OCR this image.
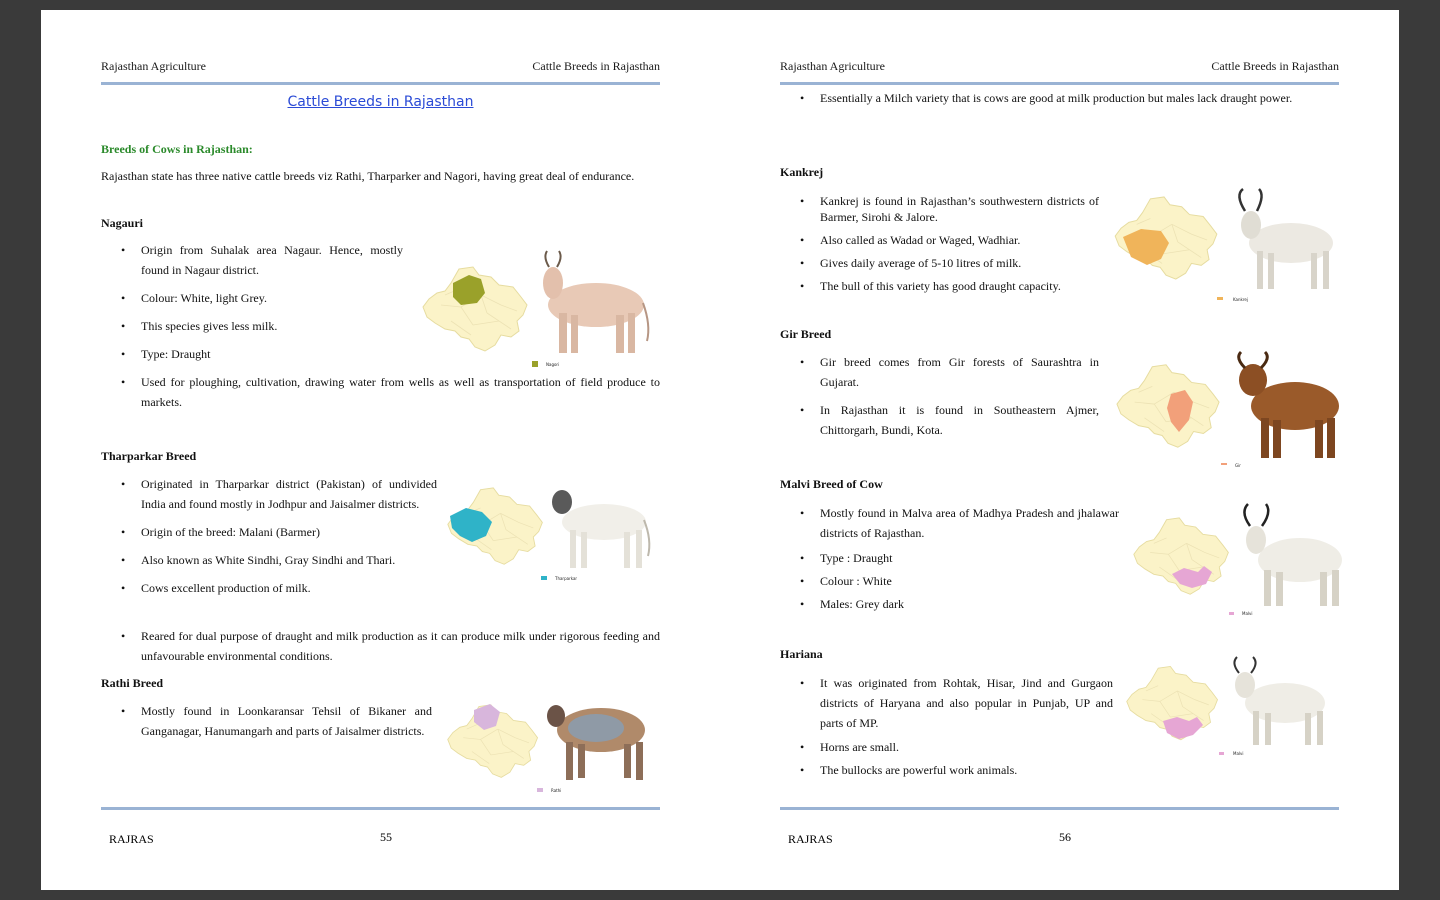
Rajasthan Agriculture	Cattle Breeds in Rajasthan
Cattle Breeds in Rajasthan
Breeds of Cows in Rajasthan:
Rajasthan state has three native cattle breeds viz Rathi, Tharparker and Nagori, having great deal of endurance.
Nagauri
• Origin from Suhalak area Nagaur. Hence, mostly found in Nagaur district.
• Colour: White, light Grey.
• This species gives less milk.
• Type: Draught
• Used for ploughing, cultivation, drawing water from wells as well as transportation of field produce to markets.
Nagori
Tharparkar Breed
• Originated in Tharparkar district (Pakistan) of undivided India and found mostly in Jodhpur and Jaisalmer districts.
• Origin of the breed: Malani (Barmer)
• Also known as White Sindhi, Gray Sindhi and Thari.
• Cows excellent production of milk.
• Reared for dual purpose of draught and milk production as it can produce milk under rigorous feeding and unfavourable environmental conditions.
Tharparkar
Rathi Breed
• Mostly found in Loonkaransar Tehsil of Bikaner and Ganganagar, Hanumangarh and parts of Jaisalmer districts.
Rathi
RAJRAS	55
Rajasthan Agriculture	Cattle Breeds in Rajasthan
• Essentially a Milch variety that is cows are good at milk production but males lack draught power.
Kankrej
• Kankrej is found in Rajasthan’s southwestern districts of Barmer, Sirohi & Jalore.
• Also called as Wadad or Waged, Wadhiar.
• Gives daily average of 5-10 litres of milk.
• The bull of this variety has good draught capacity.
Kankrej
Gir Breed
• Gir breed comes from Gir forests of Saurashtra in Gujarat.
• In Rajasthan it is found in Southeastern Ajmer, Chittorgarh, Bundi, Kota.
Gir
Malvi Breed of Cow
• Mostly found in Malva area of Madhya Pradesh and jhalawar districts of Rajasthan.
• Type : Draught
• Colour : White
• Males: Grey dark
Malvi
Hariana
• It was originated from Rohtak, Hisar, Jind and Gurgaon districts of Haryana and also popular in Punjab, UP and parts of MP.
• Horns are small.
• The bullocks are powerful work animals.
Malvi
RAJRAS	56
